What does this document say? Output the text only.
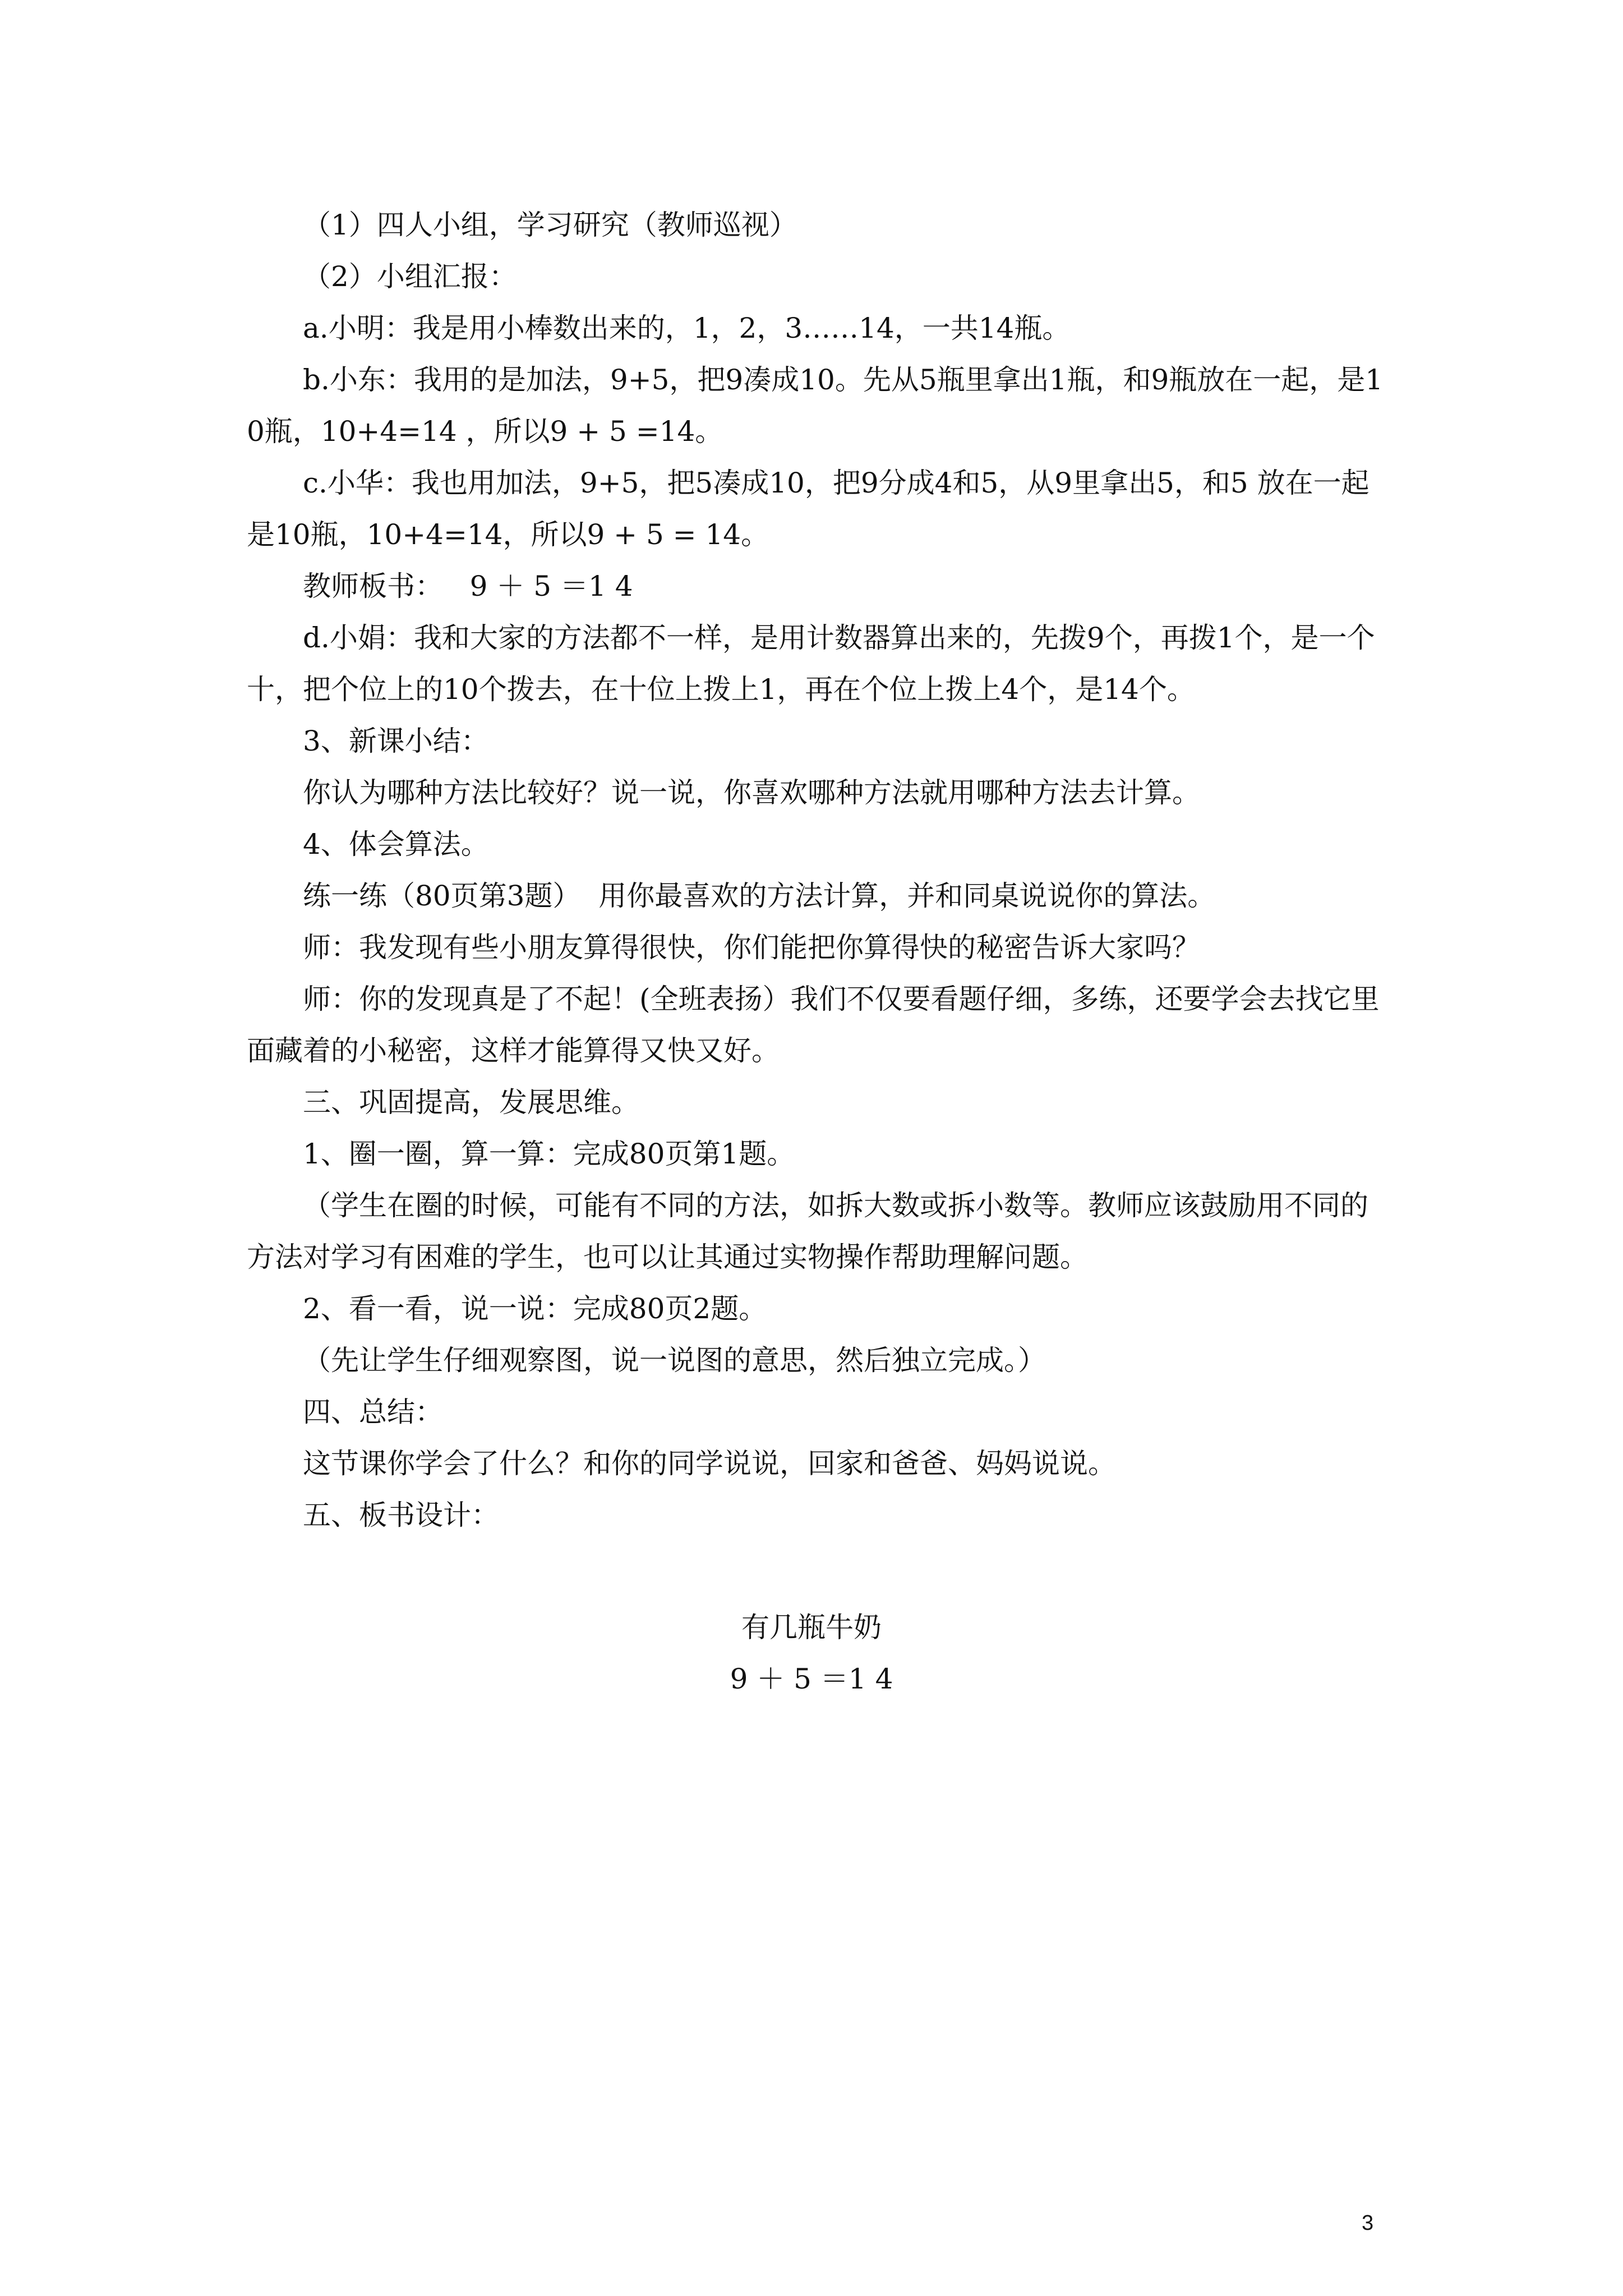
（1）四人小组，学习研究（教师巡视）

（2）小组汇报：

a.小明：我是用小棒数出来的，1，2，3……14，一共14瓶。

b.小东：我用的是加法，9+5，把9凑成10。先从5瓶里拿出1瓶，和9瓶放在一起，是10瓶，10+4=14 ，所以9 + 5 =14。

c.小华：我也用加法，9+5，把5凑成10，把9分成4和5，从9里拿出5，和5 放在一起是10瓶，10+4=14，所以9 + 5 = 14。

教师板书：   9 ＋ 5 ＝1 4

d.小娟：我和大家的方法都不一样，是用计数器算出来的，先拨9个，再拨1个，是一个十，把个位上的10个拨去，在十位上拨上1，再在个位上拨上4个，是14个。

3、新课小结：

你认为哪种方法比较好？说一说，你喜欢哪种方法就用哪种方法去计算。

4、体会算法。

练一练（80页第3题）  用你最喜欢的方法计算，并和同桌说说你的算法。

师：我发现有些小朋友算得很快，你们能把你算得快的秘密告诉大家吗？

师：你的发现真是了不起！(全班表扬）我们不仅要看题仔细，多练，还要学会去找它里面藏着的小秘密，这样才能算得又快又好。

三、巩固提高，发展思维。

1、圈一圈，算一算：完成80页第1题。

（学生在圈的时候，可能有不同的方法，如拆大数或拆小数等。教师应该鼓励用不同的方法对学习有困难的学生，也可以让其通过实物操作帮助理解问题。

2、看一看，说一说：完成80页2题。

（先让学生仔细观察图，说一说图的意思，然后独立完成。）

四、总结：

这节课你学会了什么？和你的同学说说，回家和爸爸、妈妈说说。

五、板书设计：

有几瓶牛奶

9 ＋ 5 ＝1 4

3
